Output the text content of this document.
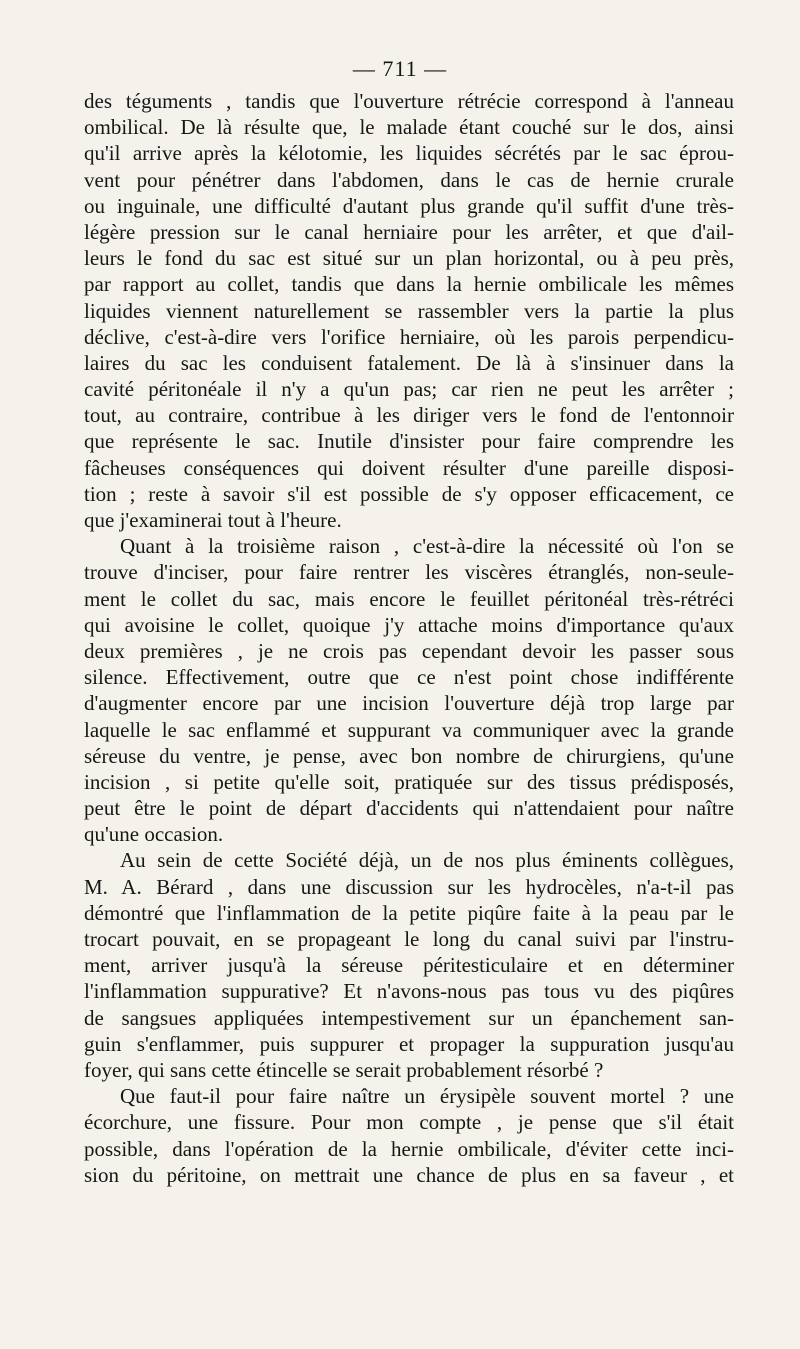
— 711 —
des téguments , tandis que l'ouverture rétrécie correspond à l'anneau
ombilical. De là résulte que, le malade étant couché sur le dos, ainsi
qu'il arrive après la kélotomie, les liquides sécrétés par le sac éprou-
vent pour pénétrer dans l'abdomen, dans le cas de hernie crurale
ou inguinale, une difficulté d'autant plus grande qu'il suffit d'une très-
légère pression sur le canal herniaire pour les arrêter, et que d'ail-
leurs le fond du sac est situé sur un plan horizontal, ou à peu près,
par rapport au collet, tandis que dans la hernie ombilicale les mêmes
liquides viennent naturellement se rassembler vers la partie la plus
déclive, c'est-à-dire vers l'orifice herniaire, où les parois perpendicu-
laires du sac les conduisent fatalement. De là à s'insinuer dans la
cavité péritonéale il n'y a qu'un pas; car rien ne peut les arrêter ;
tout, au contraire, contribue à les diriger vers le fond de l'entonnoir
que représente le sac. Inutile d'insister pour faire comprendre les
fâcheuses conséquences qui doivent résulter d'une pareille disposi-
tion ; reste à savoir s'il est possible de s'y opposer efficacement, ce
que j'examinerai tout à l'heure.
Quant à la troisième raison , c'est-à-dire la nécessité où l'on se
trouve d'inciser, pour faire rentrer les viscères étranglés, non-seule-
ment le collet du sac, mais encore le feuillet péritonéal très-rétréci
qui avoisine le collet, quoique j'y attache moins d'importance qu'aux
deux premières , je ne crois pas cependant devoir les passer sous
silence. Effectivement, outre que ce n'est point chose indifférente
d'augmenter encore par une incision l'ouverture déjà trop large par
laquelle le sac enflammé et suppurant va communiquer avec la grande
séreuse du ventre, je pense, avec bon nombre de chirurgiens, qu'une
incision , si petite qu'elle soit, pratiquée sur des tissus prédisposés,
peut être le point de départ d'accidents qui n'attendaient pour naître
qu'une occasion.
Au sein de cette Société déjà, un de nos plus éminents collègues,
M. A. Bérard , dans une discussion sur les hydrocèles, n'a-t-il pas
démontré que l'inflammation de la petite piqûre faite à la peau par le
trocart pouvait, en se propageant le long du canal suivi par l'instru-
ment, arriver jusqu'à la séreuse péritesticulaire et en déterminer
l'inflammation suppurative? Et n'avons-nous pas tous vu des piqûres
de sangsues appliquées intempestivement sur un épanchement san-
guin s'enflammer, puis suppurer et propager la suppuration jusqu'au
foyer, qui sans cette étincelle se serait probablement résorbé ?
Que faut-il pour faire naître un érysipèle souvent mortel ? une
écorchure, une fissure. Pour mon compte , je pense que s'il était
possible, dans l'opération de la hernie ombilicale, d'éviter cette inci-
sion du péritoine, on mettrait une chance de plus en sa faveur , et
